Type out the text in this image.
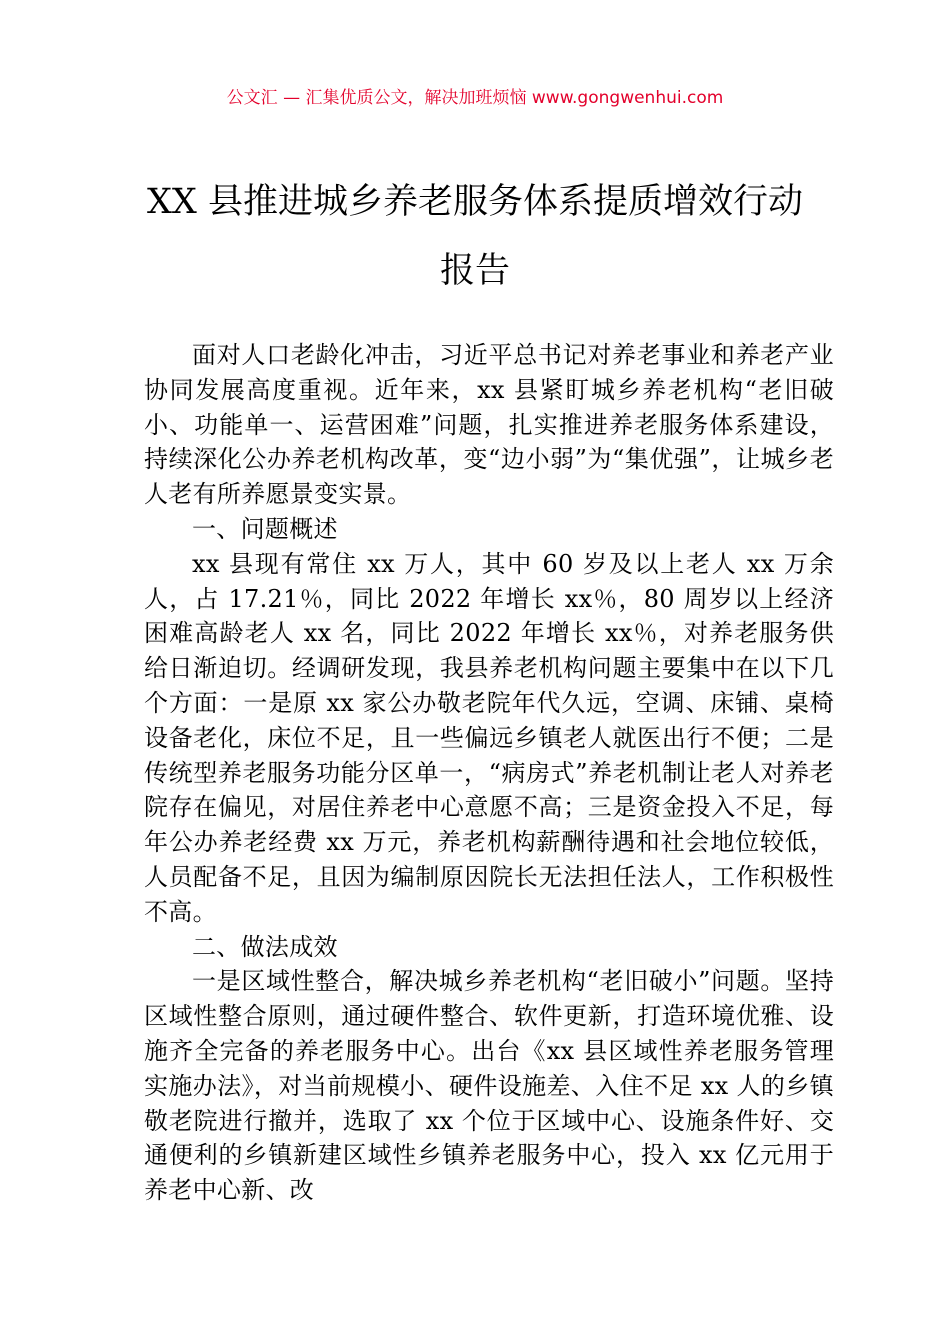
公文汇 — 汇集优质公文，解决加班烦恼 www.gongwenhui.com
XX 县推进城乡养老服务体系提质增效行动
报告

面对人口老龄化冲击，习近平总书记对养老事业和养老产业协同发展高度重视。近年来，xx 县紧盯城乡养老机构“老旧破小、功能单一、运营困难”问题，扎实推进养老服务体系建设，持续深化公办养老机构改革，变“边小弱”为“集优强”，让城乡老人老有所养愿景变实景。

一、问题概述

xx 县现有常住 xx 万人，其中 60 岁及以上老人 xx 万余人，占 17.21％，同比 2022 年增长 xx％，80 周岁以上经济困难高龄老人 xx 名，同比 2022 年增长 xx％，对养老服务供给日渐迫切。经调研发现，我县养老机构问题主要集中在以下几个方面：一是原 xx 家公办敬老院年代久远，空调、床铺、桌椅设备老化，床位不足，且一些偏远乡镇老人就医出行不便；二是传统型养老服务功能分区单一，“病房式”养老机制让老人对养老院存在偏见，对居住养老中心意愿不高；三是资金投入不足，每年公办养老经费 xx 万元，养老机构薪酬待遇和社会地位较低，人员配备不足，且因为编制原因院长无法担任法人，工作积极性不高。

二、做法成效

一是区域性整合，解决城乡养老机构“老旧破小”问题。坚持区域性整合原则，通过硬件整合、软件更新，打造环境优雅、设施齐全完备的养老服务中心。出台《xx 县区域性养老服务管理实施办法》，对当前规模小、硬件设施差、入住不足 xx 人的乡镇敬老院进行撤并，选取了 xx 个位于区域中心、设施条件好、交通便利的乡镇新建区域性乡镇养老服务中心，投入 xx 亿元用于养老中心新、改
